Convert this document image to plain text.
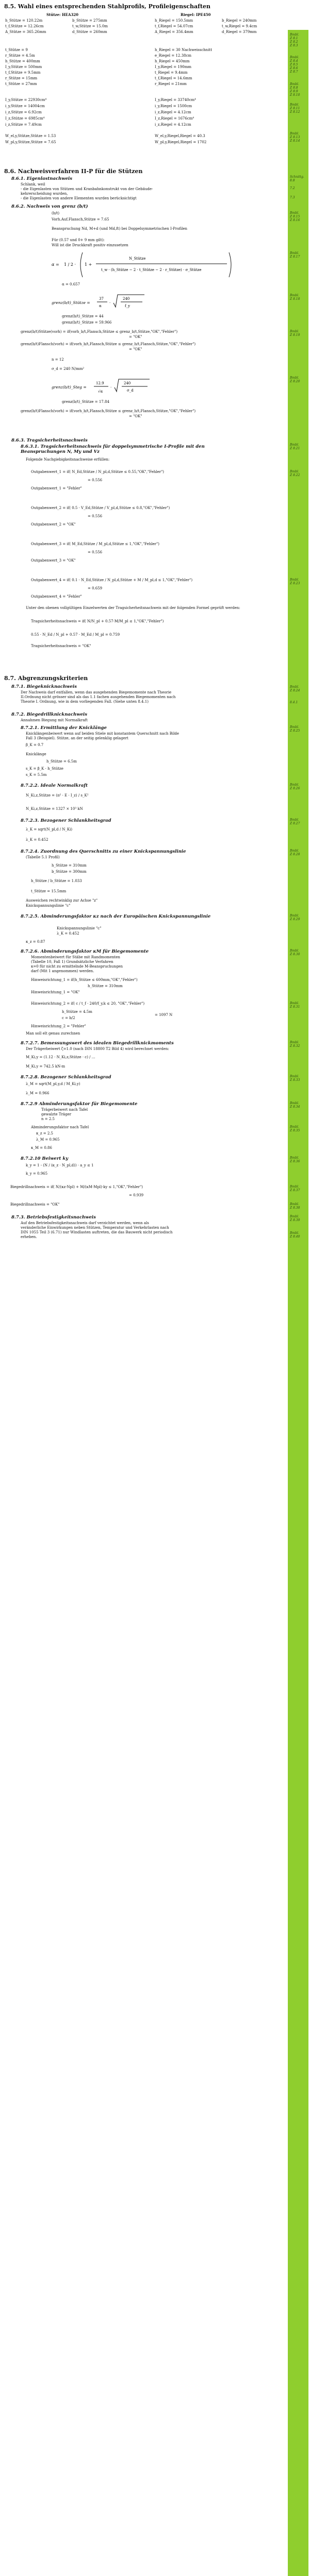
8.5. Wahl eines entsprechenden Stahlprofils, Profileigenschaften
Stütze: HEA320	Riegel: IPE450
h_Stütze = 120.22m	b_Stütze = 275mm	h_Riegel = 150.5mm	b_Riegel = 240mm
t_f,Stütze = 12.26cm	t_w,Stütze = 15.0m	t_f,Riegel = 54.07cm	t_w,Riegel = 9.4cm
A_Stütze = 365.26mm	d_Stütze = 260mm	A_Riegel = 356.4mm	d_Riegel = 379mm
t_Stütze = 9
r_Stütze = 4.5m
h_Stütze = 400mm
I_y,Stütze = 500mm
t_f,Stütze = 9.5mm
r_Stütze = 15mm
t_Stütze = 27mm
h_Riegel = 30 Nachweisschnitt
e_Riegel = 12.38cm
h_Riegel = 450mm
I_y,Riegel = 190mm
t_Riegel = 9.4mm
t_f,Riegel = 14.6mm
r_Riegel = 21mm
I_y,Stütze = 22930cm⁴
i_y,Stütze = 14004cm
i_z,Stütze = 6.92cm
I_z,Stütze = 6985cm⁴
i_z,Stütze = 7.49cm
I_y,Riegel = 33740cm⁴
i_y,Riegel = 1500cm
i_z,Riegel = 4.12cm
I_z,Riegel = 1676cm⁴
i_z,Riegel = 4.12cm
W_el,y,Stütze,Stütze = 1.53
W_pl,y,Stütze,Stütze = 7.65
W_el,y,Riegel,Riegel = 40.3
W_pl,y,Riegel,Riegel = 1702
8.6. Nachweisverfahren II-P für die Stützen
8.6.1. Eigenlastnachweis
Schlank, weil
- die Eigenlasten von Stützen und Kranbahnkonstrukt von der Gebäude-
kehrerscheidung wurden,
- die Eigenlasten von andere Elementen wurden berücksichtigt
8.6.2. Nachweis von grenz (b/t)
(b/t)
Vorh.Auf.Flansch,Stütze = 7.65
Beanspruchung Nd, M+d (und Md,ft) bei Doppelsymmetrischen I-Profilen
Für (0.57 und 0+ 9 mm gilt):
Will ist die Druckkraft positiv einzusetzen
α = 1 / 2 · 1 +
N_Stütze
t_w · (h_Stütze − 2 · t_Stütze − 2 · r_Stütze) · σ_Stütze
α = 0.657
grenz(b/t)_Stütze =
37
α
·
240
f_y
grenz(b/t)_Stütze = 44
grenz(b/t)_Stütze = 59.966
grenz(b/t)Stütze(vorh) = if(vorh_b/t,Flansch,Stütze ≤ grenz_b/t,Stütze,"OK","Fehler")
= "OK"
grenz(b/t)Flansch(vorh) = if(vorh_b/t,Flansch,Stütze ≤ grenz_b/t,Flansch,Stütze,"OK","Fehler")
= "OK"
n = 12
σ_d = 240 N/mm²
grenz(b/t)_Steg =
12.9
√α
·
240
σ_d
grenz(b/t)_Stütze = 17.84
grenz(b/t)Flansch(vorh) = if(vorh_b/t,Flansch,Stütze ≤ grenz_b/t,Flansch,Stütze,"OK","Fehler")
= "OK"
8.6.3. Tragsicherheitsnachweis
8.6.3.1. Tragsicherheitsnachweis für doppelsymmetrische I-Profile mit den Beanspruchungen N, My und Vz
Folgende Nachgiebigkeitsnachweise erfüllen:
Outgabenwert_1 = if( N_Ed,Stütze / N_pl,d,Stütze ≤ 0.55,"OK","Fehler")
= 0.556
Outgabenwert_1 = "Fehler"
Outgabenwert_2 = if( 0.5 · V_Ed,Stütze / V_pl,d,Stütze ≤ 0.8,"OK","Fehler")
= 0.556
Outgabenwert_2 = "OK"
Outgabenwert_3 = if( M_Ed,Stütze / M_pl,d,Stütze ≤ 1,"OK","Fehler")
= 0.556
Outgabenwert_3 = "OK"
Outgabenwert_4 = if( 0.1 · N_Ed,Stütze / N_pl,d,Stütze + M / M_pl,d ≤ 1,"OK","Fehler")
= 0.659
Outgabenwert_4 = "Fehler"
Unter den obenen vollgültigen Einzelwerten der Tragsicherheitsnachweis mit der folgenden Formel geprüft werden:
Tragsicherheitsnachweis = if( N/N_pl + 0.57·M/M_pl ≤ 1,"OK","Fehler")
0.55 · N_Ed / N_pl + 0.57 · M_Ed / M_pl = 0.759
Tragsicherheitsnachweis = "OK"
8.7. Abgrenzungskriterien
8.7.1. Biegeknicknachweis
Der Nachweis darf entfallen, wenn das ausgehenden Biegemomente nach Theorie
II.Ordnung nicht grösser sind als das 1.1 fachen ausgehenden Biegemomenten nach
Theorie I. Ordnung, wie in dem vorliegenden Fall. (Siehe unten 8.4.1)
8.7.2. Biegedrillknicknachweis
Annahmen Biegung mit Normalkraft
8.7.2.1. Ermittlung der Knicklänge
Knicklängenbeiwert wenn auf beiden Stiele mit konstantem Querschnitt nach Bilde
Fall 3 (Beispiel). Stütze, an der seitig gelenklig gelagert
β_K = 0.7
Knicklänge
h_Stütze = 6.5m
s_K = β_K · h_Stütze
s_K = 5.5m
8.7.2.2. Ideale Normalkraft
N_Ki,z,Stütze = (π² · E · I_z) / s_K²
N_Ki,z,Stütze = 1327 × 10³ kN
8.7.2.3. Bezogener Schlankheitsgrad
λ_K = sqrt(N_pl,d / N_Ki)
λ_K = 0.452
8.7.2.4. Zuordnung des Querschnitts zu einer Knickspannungslinie
(Tabelle 5.1 Profil)
h_Stütze = 310mm
b_Stütze = 300mm
h_Stütze / b_Stütze = 1.033
t_Stütze = 15.5mm
Ausweichen rechtwinklig zur Achse "z"
Knickspannungslinie "c"
8.7.2.5. Abminderungsfaktor κz nach der Europäischen Knickspannungslinie
Knickspannungslinie "c"
λ_K = 0.452
κ_z = 0.87
8.7.2.6. Abminderungsfaktor κM für Biegemomente
Momentenbeiwert für Stäbe mit Randmomenten
(Tabelle 10, Fall 1) Grundsätzliche Verfahren
κ=0 für nicht zu ermittelnde M-Beanspruchungen
darf (Mit 1 angenommen) werden.
Hinweisrichtung_1 = if(h_Stütze ≤ 600mm,"OK","Fehler")
h_Stütze = 310mm
Hinweisrichtung_1 = "OK"
Hinweisrichtung_2 = if( c / t_f · 240/f_y,k ≤ 20, "OK","Fehler")
h_Stütze = 4.5m
c = b/2
= 1097 N
Hinweisrichtung_2 = "Fehler"
Man soll elt genau zurechnen
8.7.2.7. Bemessungswert des idealen Biegedrillknickmoments
Der Trägerbeiwert ζ=1.0 (nach DIN 18800 T2 Bild 4) wird berechnet werden:
M_Ki,y = (1.12 · N_Ki,z,Stütze · c) / ...
M_Ki,y = 742.5 kN·m
8.7.2.8. Bezogener Schlankheitsgrad
λ_M = sqrt(M_pl,y,d / M_Ki,y)
λ_M = 0.966
8.7.2.9 Abminderungsfaktor für Biegemomente
Trägerbeiwert nach Tafel
gewalzte Träger
n = 2.5
Abminderungsfaktor nach Tafel
κ_z = 2.5
λ_M = 0.965
κ_M = 0.86
8.7.2.10 Beiwert ky
k_y = 1 - (N / (κ_z · N_pl,d)) · a_y ≤ 1
k_y = 0.965
Biegedrillnachweis = if( N/(κz·Npl) + M/(κM·Mpl)·ky ≤ 1,"OK","Fehler")
= 0.939
Biegedrillnachweis = "OK"
8.7.3. Betriebsfestigkeitsnachweis
Auf den Betriebsfestigkeitsnachweis darf verzichtet werden, wenn als
veränderliche Einwirkungen neben Stützen, Temperatur und Verkehrlasten nach
DIN 1055 Teil 3 (6.71) nur Windlasten auftreten, die das Bauwerk nicht periodisch
erheben.
Bmbl.
Z 8.1
Z 8.2
Z 8.3
Bmbl.
Z 8.4
Z 8.5
Z 8.6
Z 8.7
Bmbl.
Z 8.8
Z 8.9
Z 8.10
Bmbl.
Z 8.11
Z 8.12
Bmbl.
Z 8.13
Z 8.14
Schnittg.
8.8
7.2
7.3
Bmbl.
Z 8.15
Z 8.16
Bmbl.
Z 8.17
Bmbl.
Z 8.18
Bmbl.
Z 8.19
Bmbl.
Z 8.20
Bmbl.
Z 8.21
Bmbl.
Z 8.22
Bmbl.
Z 8.23
Bmbl.
Z 8.24
8.4.1
Bmbl.
Z 8.25
Bmbl.
Z 8.26
Bmbl.
Z 8.27
Bmbl.
Z 8.28
Bmbl.
Z 8.29
Bmbl.
Z 8.30
Bmbl.
Z 8.31
Bmbl.
Z 8.32
Bmbl.
Z 8.33
Bmbl.
Z 8.34
Bmbl.
Z 8.35
Bmbl.
Z 8.36
Bmbl.
Z 8.37
Bmbl.
Z 8.38
Bmbl.
Z 8.39
Bmbl.
Z 8.40
